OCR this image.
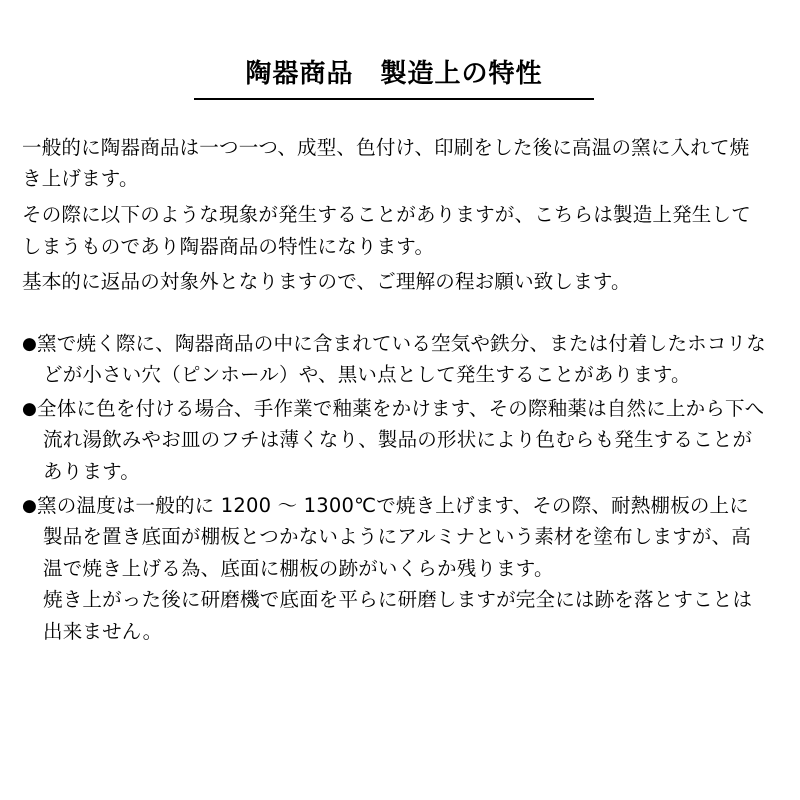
陶器商品　製造上の特性

一般的に陶器商品は一つ一つ、成型、色付け、印刷をした後に高温の窯に入れて焼き上げます。

その際に以下のような現象が発生することがありますが、こちらは製造上発生してしまうものであり陶器商品の特性になります。

基本的に返品の対象外となりますので、ご理解の程お願い致します。

●窯で焼く際に、陶器商品の中に含まれている空気や鉄分、または付着したホコリなどが小さい穴（ピンホール）や、黒い点として発生することがあります。
●全体に色を付ける場合、手作業で釉薬をかけます、その際釉薬は自然に上から下へ流れ湯飲みやお皿のフチは薄くなり、製品の形状により色むらも発生することがあります。
●窯の温度は一般的に 1200 ～ 1300℃で焼き上げます、その際、耐熱棚板の上に製品を置き底面が棚板とつかないようにアルミナという素材を塗布しますが、高温で焼き上げる為、底面に棚板の跡がいくらか残ります。
焼き上がった後に研磨機で底面を平らに研磨しますが完全には跡を落とすことは出来ません。
